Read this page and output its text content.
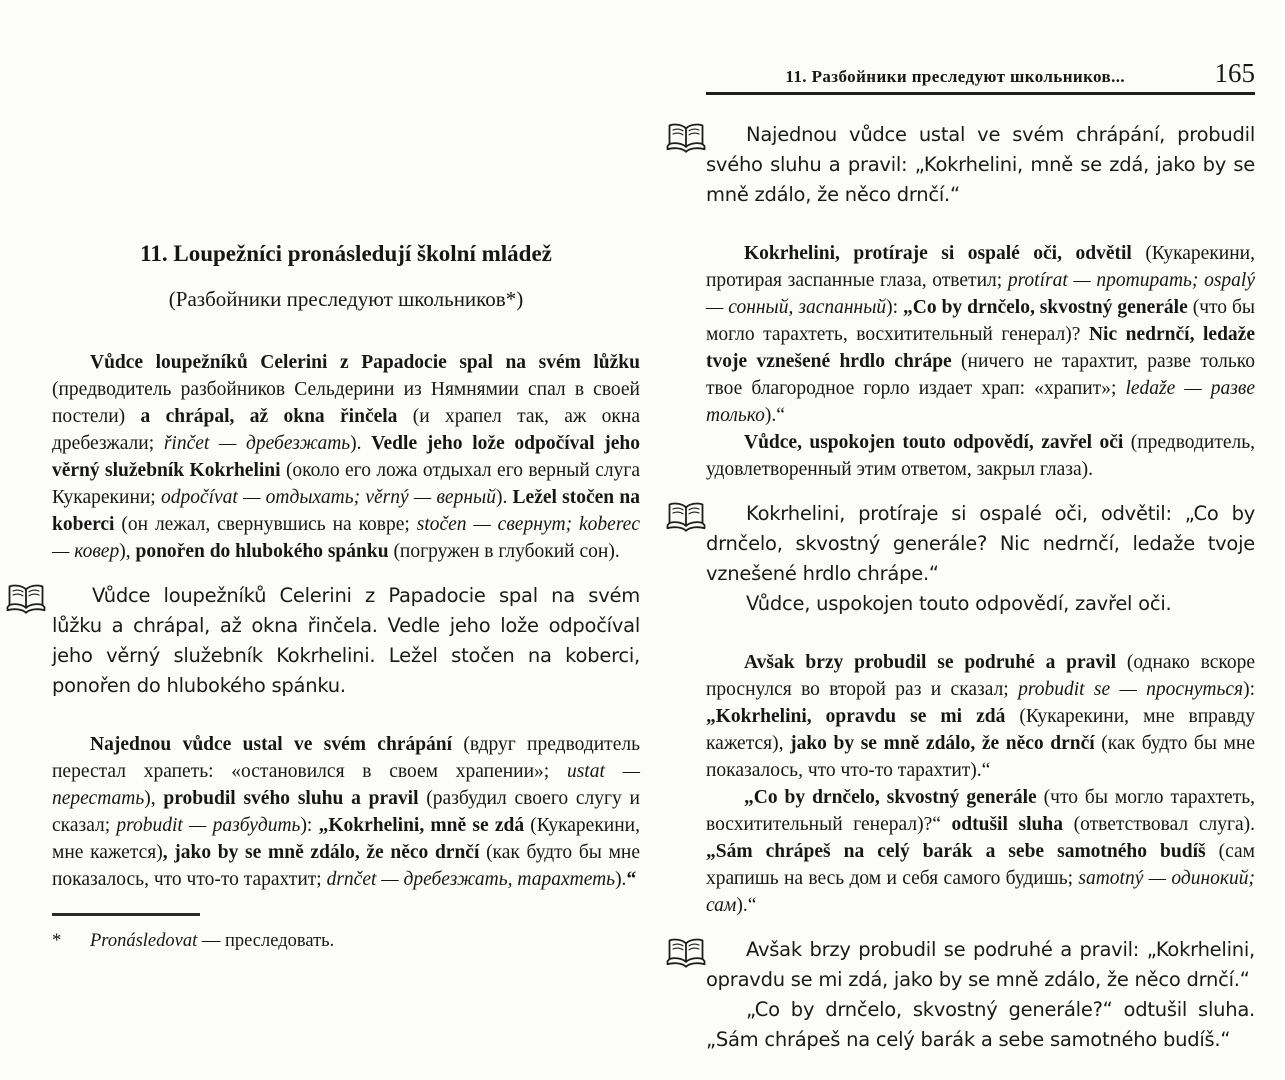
11. Разбойники преследуют школьников...	165
11. Loupežníci pronásledují školní mládež
(Разбойники преследуют школьников*)

Vůdce loupežníků Celerini z Papadocie spal na svém lůžku (предводитель разбойников Сельдерини из Нямнямии спал в своей постели) a chrápal, až okna řinčela (и храпел так, аж окна дребезжали; řinčet — дребезжать). Vedle jeho lože odpočíval jeho věrný služebník Kokrhelini (около его ложа отдыхал его верный слуга Кукарекини; odpočívat — отдыхать; věrný — верный). Ležel stočen na koberci (он лежал, свернувшись на ковре; stočen — свернут; koberec — ковер), ponořen do hlubokého spánku (погружен в глубокий сон).

Vůdce loupežníků Celerini z Papadocie spal na svém lůžku a chrápal, až okna řinčela. Vedle jeho lože odpočíval jeho věrný služebník Kokrhelini. Ležel stočen na koberci, ponořen do hlubokého spánku.

Najednou vůdce ustal ve svém chrápání (вдруг предводитель перестал храпеть: «остановился в своем храпении»; ustat — перестать), probudil svého sluhu a pravil (разбудил своего слугу и сказал; probudit — разбудить): „Kokrhelini, mně se zdá (Кукарекини, мне кажется), jako by se mně zdálo, že něco drnčí (как будто бы мне показалось, что что-то тарахтит; drnčet — дребезжать, тарахтеть).“

* Pronásledovat — преследовать.

Najednou vůdce ustal ve svém chrápání, probudil svého sluhu a pravil: „Kokrhelini, mně se zdá, jako by se mně zdálo, že něco drnčí.“

Kokrhelini, protíraje si ospalé oči, odvětil (Кукарекини, протирая заспанные глаза, ответил; protírat — протирать; ospalý — сонный, заспанный): „Co by drnčelo, skvostný generále (что бы могло тарахтеть, восхитительный генерал)? Nic nedrnčí, ledaže tvoje vznešené hrdlo chrápe (ничего не тарахтит, разве только твое благородное горло издает храп: «храпит»; ledaže — разве только).“

Vůdce, uspokojen touto odpovědí, zavřel oči (предводитель, удовлетворенный этим ответом, закрыл глаза).

Kokrhelini, protíraje si ospalé oči, odvětil: „Co by drnčelo, skvostný generále? Nic nedrnčí, ledaže tvoje vznešené hrdlo chrápe.“

Vůdce, uspokojen touto odpovědí, zavřel oči.

Avšak brzy probudil se podruhé a pravil (однако вскоре проснулся во второй раз и сказал; probudit se — проснуться): „Kokrhelini, opravdu se mi zdá (Кукарекини, мне вправду кажется), jako by se mně zdálo, že něco drnčí (как будто бы мне показалось, что что-то тарахтит).“

„Co by drnčelo, skvostný generále (что бы могло тарахтеть, восхитительный генерал)?“ odtušil sluha (ответствовал слуга). „Sám chrápeš na celý barák a sebe samotného budíš (сам храпишь на весь дом и себя самого будишь; samotný — одинокий; сам).“

Avšak brzy probudil se podruhé a pravil: „Kokrhelini, opravdu se mi zdá, jako by se mně zdálo, že něco drnčí.“

„Co by drnčelo, skvostný generále?“ odtušil sluha. „Sám chrápeš na celý barák a sebe samotného budíš.“
